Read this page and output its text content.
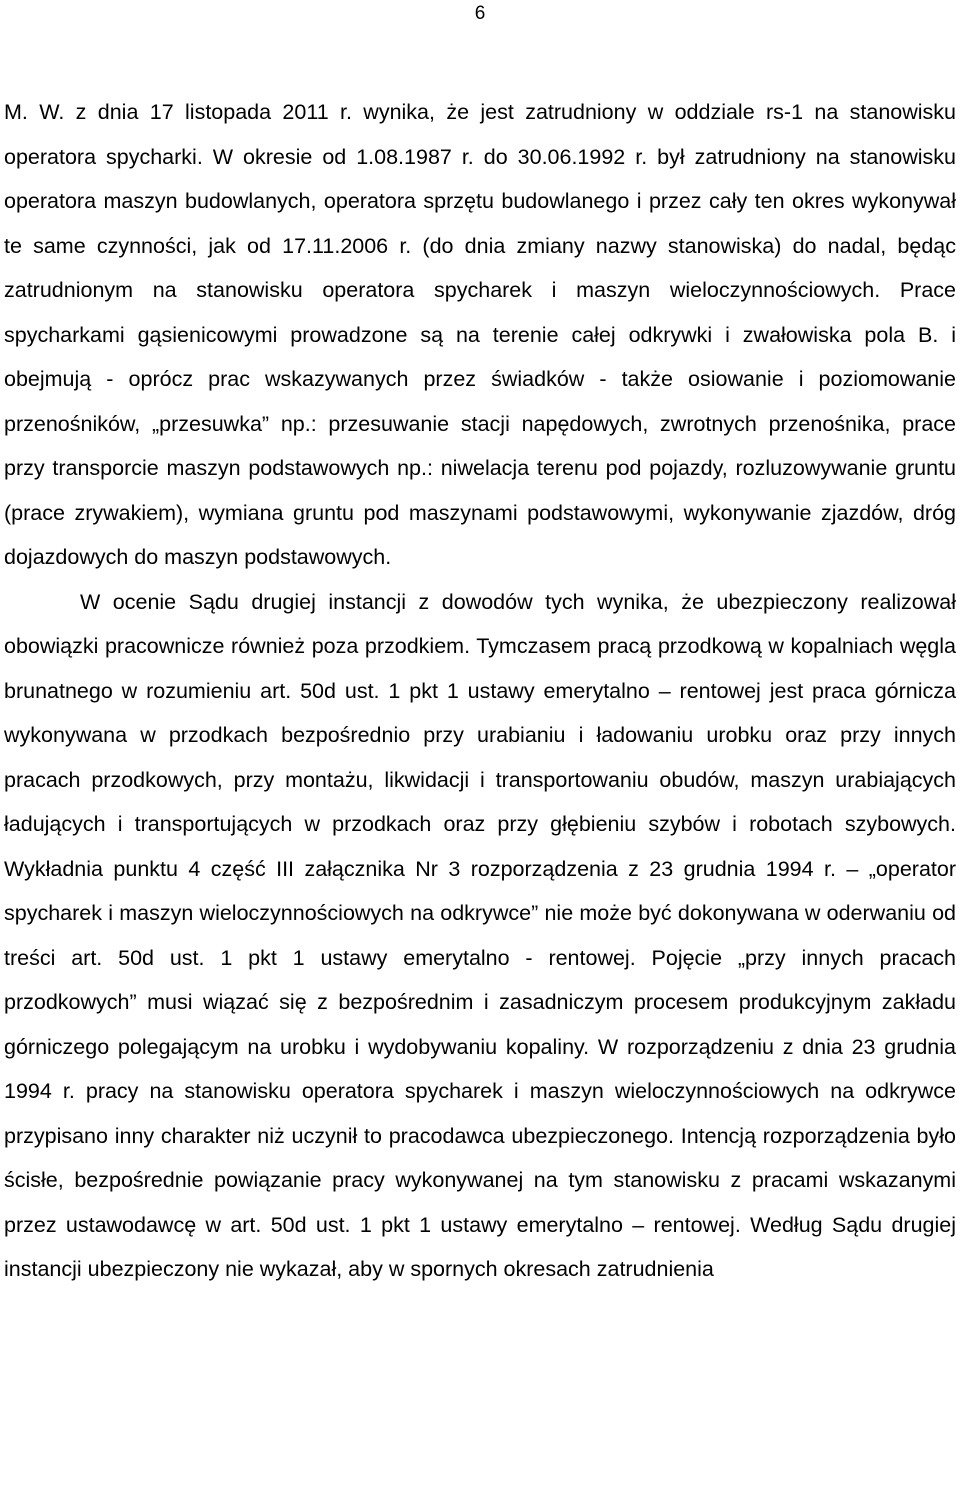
6

M. W. z dnia 17 listopada 2011 r. wynika, że jest zatrudniony w oddziale rs-1 na stanowisku operatora spycharki. W okresie od 1.08.1987 r. do 30.06.1992 r. był zatrudniony na stanowisku operatora maszyn budowlanych, operatora sprzętu budowlanego i przez cały ten okres wykonywał te same czynności, jak od 17.11.2006 r. (do dnia zmiany nazwy stanowiska) do nadal, będąc zatrudnionym na stanowisku operatora spycharek i maszyn wieloczynnościowych. Prace spycharkami gąsienicowymi prowadzone są na terenie całej odkrywki i zwałowiska pola B. i obejmują - oprócz prac wskazywanych przez świadków - także osiowanie i poziomowanie przenośników, „przesuwka” np.: przesuwanie stacji napędowych, zwrotnych przenośnika, prace przy transporcie maszyn podstawowych np.: niwelacja terenu pod pojazdy, rozluzowywanie gruntu (prace zrywakiem), wymiana gruntu pod maszynami podstawowymi, wykonywanie zjazdów, dróg dojazdowych do maszyn podstawowych.

W ocenie Sądu drugiej instancji z dowodów tych wynika, że ubezpieczony realizował obowiązki pracownicze również poza przodkiem. Tymczasem pracą przodkową w kopalniach węgla brunatnego w rozumieniu art. 50d ust. 1 pkt 1 ustawy emerytalno – rentowej jest praca górnicza wykonywana w przodkach bezpośrednio przy urabianiu i ładowaniu urobku oraz przy innych pracach przodkowych, przy montażu, likwidacji i transportowaniu obudów, maszyn urabiających ładujących i transportujących w przodkach oraz przy głębieniu szybów i robotach szybowych. Wykładnia punktu 4 część III załącznika Nr 3 rozporządzenia z 23 grudnia 1994 r. – „operator spycharek i maszyn wieloczynnościowych na odkrywce” nie może być dokonywana w oderwaniu od treści art. 50d ust. 1 pkt 1 ustawy emerytalno - rentowej. Pojęcie „przy innych pracach przodkowych” musi wiązać się z bezpośrednim i zasadniczym procesem produkcyjnym zakładu górniczego polegającym na urobku i wydobywaniu kopaliny. W rozporządzeniu z dnia 23 grudnia 1994 r. pracy na stanowisku operatora spycharek i maszyn wieloczynnościowych na odkrywce przypisano inny charakter niż uczynił to pracodawca ubezpieczonego. Intencją rozporządzenia było ścisłe, bezpośrednie powiązanie pracy wykonywanej na tym stanowisku z pracami wskazanymi przez ustawodawcę w art. 50d ust. 1 pkt 1 ustawy emerytalno – rentowej. Według Sądu drugiej instancji ubezpieczony nie wykazał, aby w spornych okresach zatrudnienia
